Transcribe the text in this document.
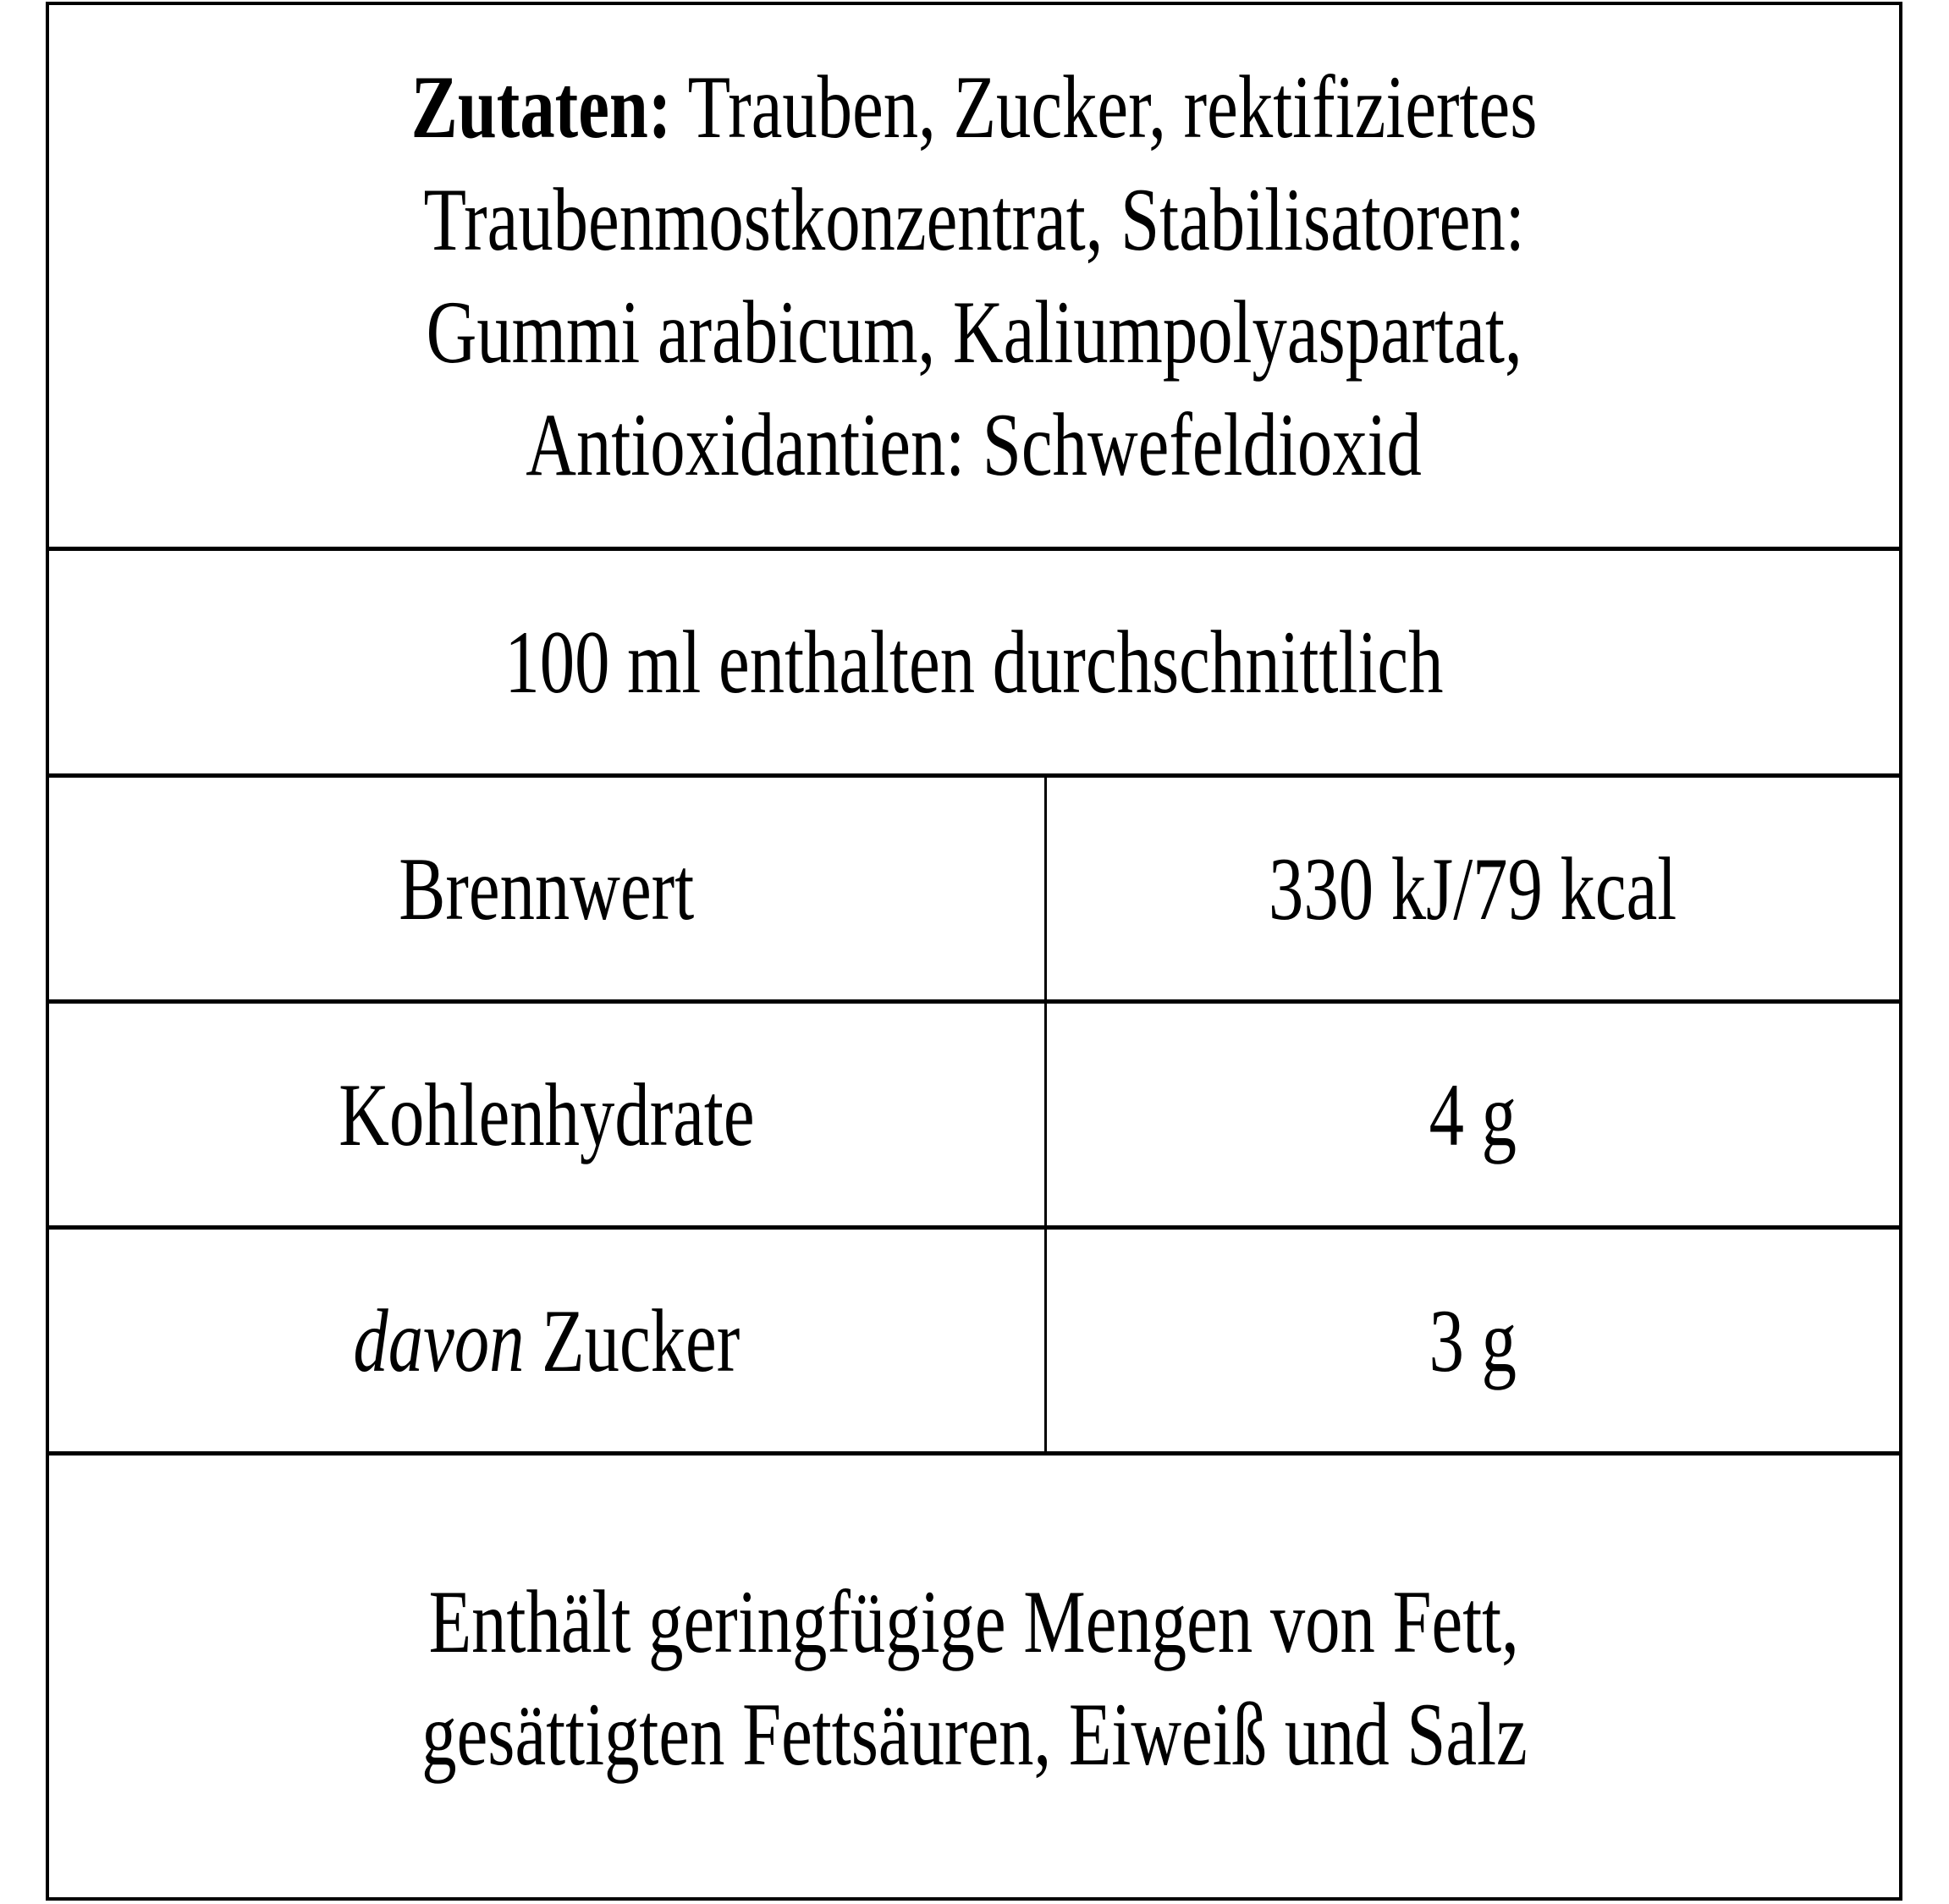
Zutaten: Trauben, Zucker, rektifiziertes
Traubenmostkonzentrat, Stabilisatoren:
Gummi arabicum, Kaliumpolyaspartat,
Antioxidantien: Schwefeldioxid
100 ml enthalten durchschnittlich
Brennwert	330 kJ/79 kcal
Kohlenhydrate	4 g
davon Zucker	3 g
Enthält geringfügige Mengen von Fett,
gesättigten Fettsäuren, Eiweiß und Salz
